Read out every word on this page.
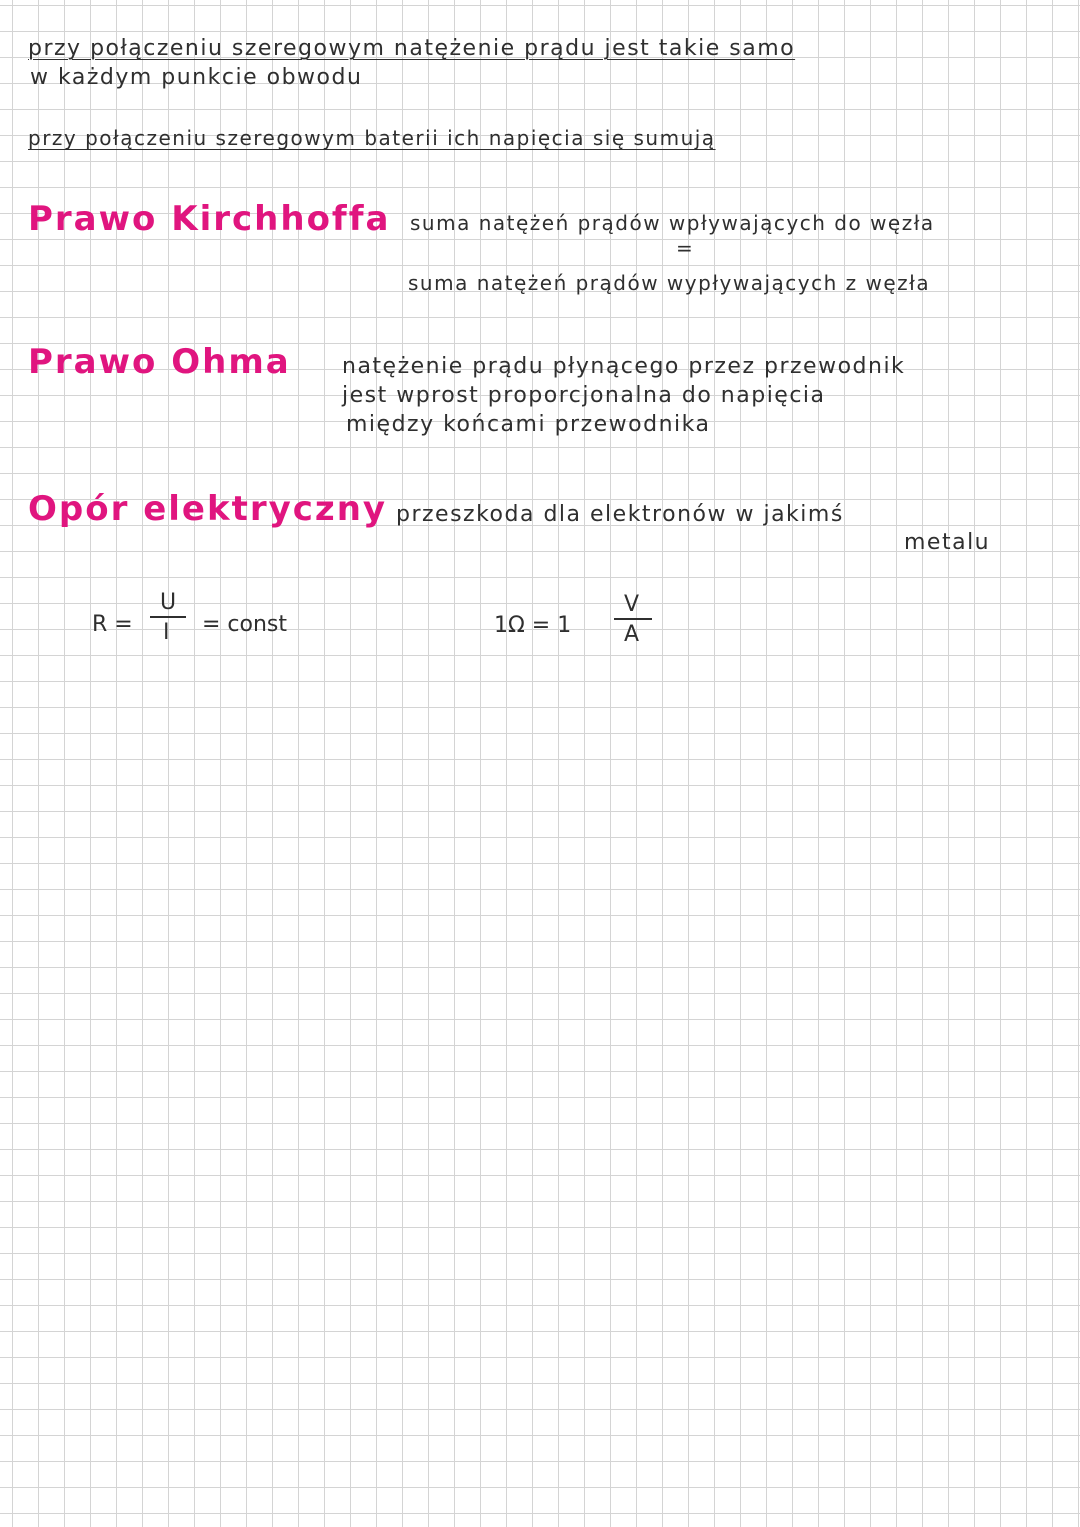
przy połączeniu szeregowym natężenie prądu jest takie samo
w każdym punkcie obwodu
przy połączeniu szeregowym baterii ich napięcia się sumują
Prawo Kirchhoffa suma natężeń prądów wpływających do węzła
=
suma natężeń prądów wypływających z węzła
Prawo Ohma natężenie prądu płynącego przez przewodnik
jest wprost proporcjonalna do napięcia
między końcami przewodnika
Opór elektryczny przeszkoda dla elektronów w jakimś
metalu
R =
U
I = const	1Ω = 1
V
A
